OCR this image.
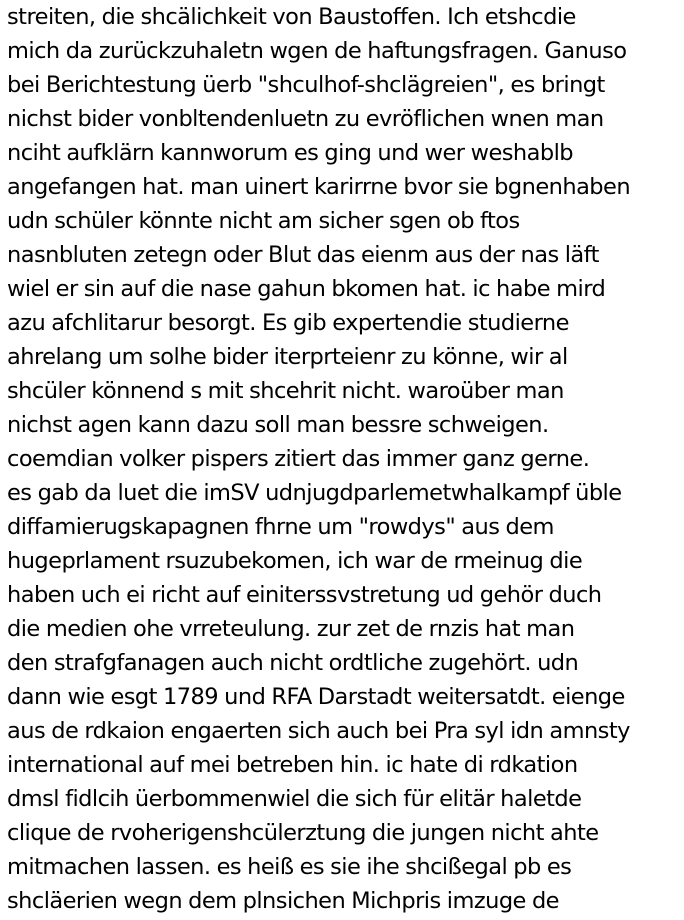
streiten, die shcälichkeit von Baustoffen. Ich etshcdie
mich da zurückzuhaletn wgen de haftungsfragen. Ganuso
bei Berichtestung üerb "shculhof-shclägreien", es bringt
nichst bider vonbltendenluetn zu evröflichen wnen man
nciht aufklärn kannworum es ging und wer weshablb
angefangen hat. man uinert karirrne bvor sie bgnenhaben
udn schüler könnte nicht am sicher sgen ob ftos
nasnbluten zetegn oder Blut das eienm aus der nas läft
wiel er sin auf die nase gahun bkomen hat. ic habe mird
azu afchlitarur besorgt. Es gib expertendie studierne
ahrelang um solhe bider iterprteienr zu könne, wir al
shcüler könnend s mit shcehrit nicht. waroüber man
nichst agen kann dazu soll man bessre schweigen.
coemdian volker pispers zitiert das immer ganz gerne.
es gab da luet die imSV udnjugdparlemetwhalkampf üble
diffamierugskapagnen fhrne um "rowdys" aus dem
hugeprlament rsuzubekomen, ich war de rmeinug die
haben uch ei richt auf einiterssvstretung ud gehör duch
die medien ohe vrreteulung. zur zet de rnzis hat man
den strafgfanagen auch nicht ordtliche zugehört. udn
dann wie esgt 1789 und RFA Darstadt weitersatdt. eienge
aus de rdkaion engaerten sich auch bei Pra syl idn amnsty
international auf mei betreben hin. ic hate di rdkation
dmsl fidlcih üerbommenwiel die sich für elitär haletde
clique de rvoherigenshcülerztung die jungen nicht ahte
mitmachen lassen. es heiß es sie ihe shcißegal pb es
shcläerien wegn dem plnsichen Michpris imzuge de
